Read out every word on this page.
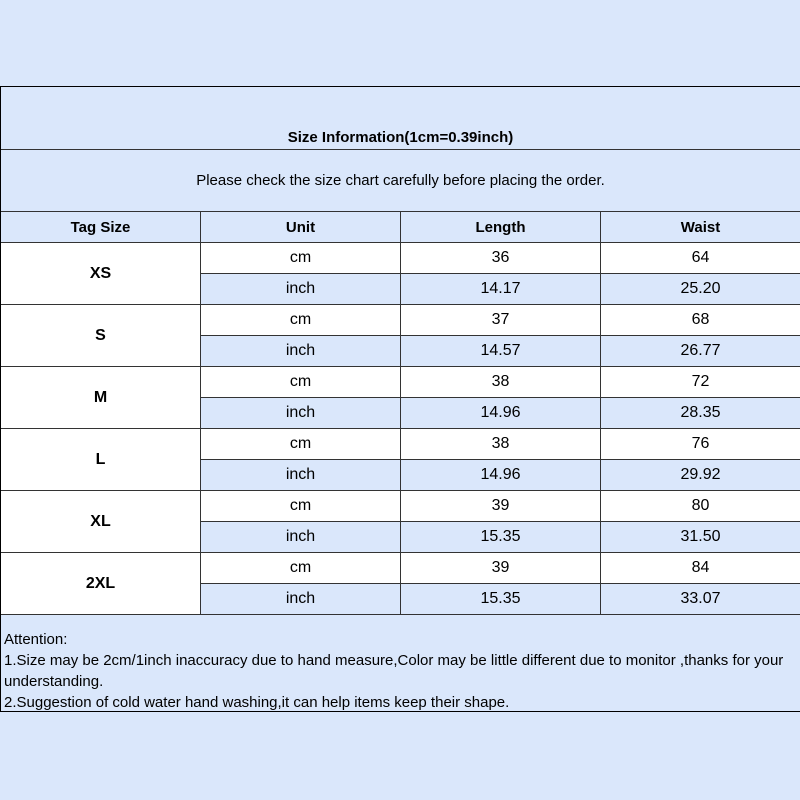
Size Information(1cm=0.39inch)
Please check the size chart carefully before placing the order.
Tag Size	Unit	Length	Waist
XS
cm	36	64
inch	14.17	25.20
S
cm	37	68
inch	14.57	26.77
M
cm	38	72
inch	14.96	28.35
L
cm	38	76
inch	14.96	29.92
XL
cm	39	80
inch	15.35	31.50
2XL
cm	39	84
inch	15.35	33.07

Attention:

1.Size may be 2cm/1inch inaccuracy due to hand measure,Color may be little different due to monitor ,thanks for your understanding.

2.Suggestion of cold water hand washing,it can help items keep their shape.
